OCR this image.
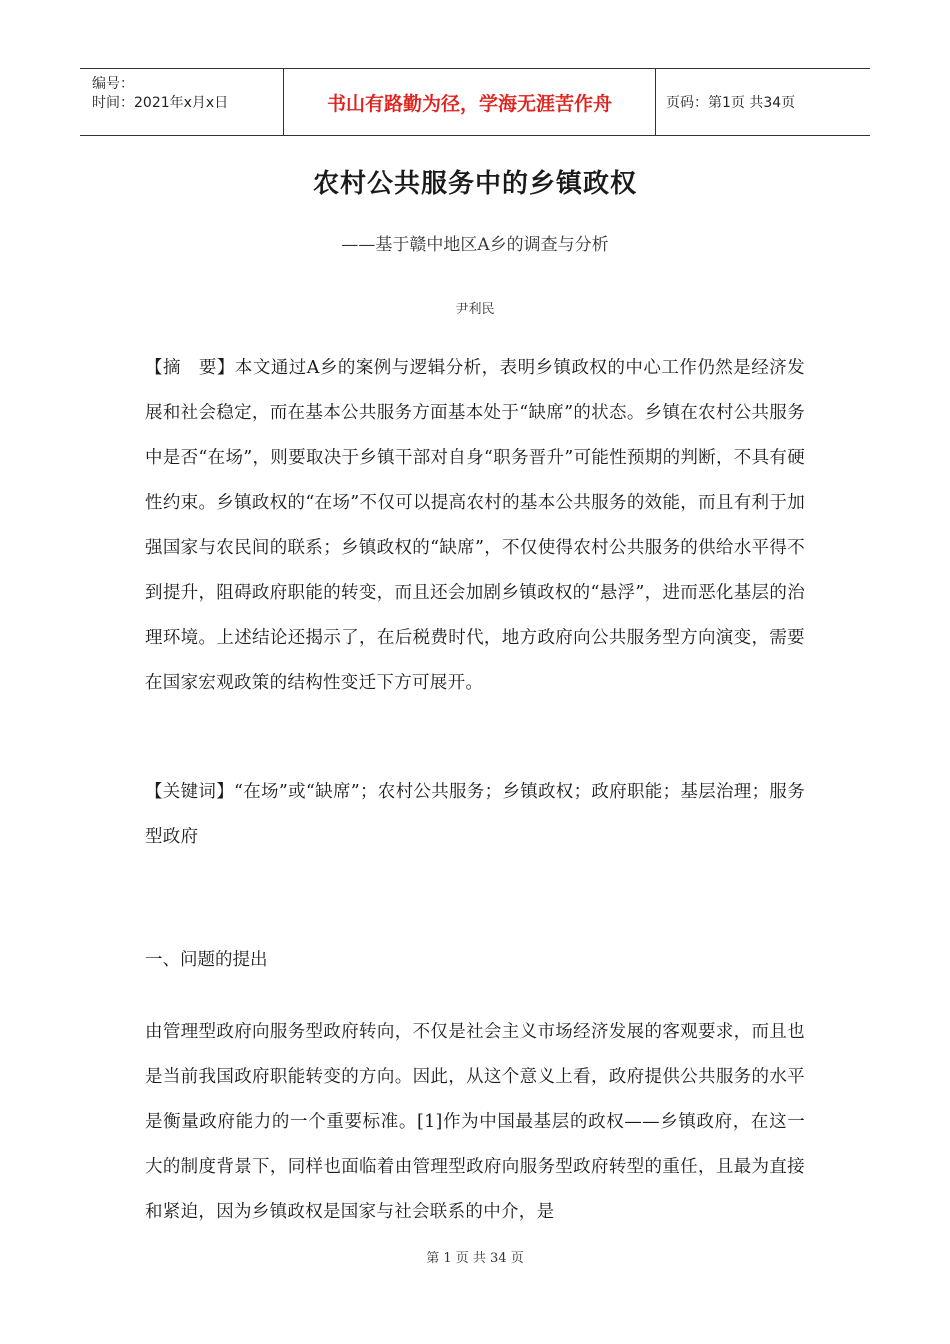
编号：
时间：2021年x月x日	书山有路勤为径，学海无涯苦作舟	页码：第1页 共34页
农村公共服务中的乡镇政权

——基于赣中地区A乡的调查与分析

尹利民

【摘　要】本文通过A乡的案例与逻辑分析，表明乡镇政权的中心工作仍然是经济发展和社会稳定，而在基本公共服务方面基本处于“缺席”的状态。乡镇在农村公共服务中是否“在场”，则要取决于乡镇干部对自身“职务晋升”可能性预期的判断，不具有硬性约束。乡镇政权的“在场”不仅可以提高农村的基本公共服务的效能，而且有利于加强国家与农民间的联系；乡镇政权的“缺席”，不仅使得农村公共服务的供给水平得不到提升，阻碍政府职能的转变，而且还会加剧乡镇政权的“悬浮”，进而恶化基层的治理环境。上述结论还揭示了，在后税费时代，地方政府向公共服务型方向演变，需要在国家宏观政策的结构性变迁下方可展开。

【关键词】“在场”或“缺席”；农村公共服务；乡镇政权；政府职能；基层治理；服务型政府

一、问题的提出

由管理型政府向服务型政府转向，不仅是社会主义市场经济发展的客观要求，而且也是当前我国政府职能转变的方向。因此，从这个意义上看，政府提供公共服务的水平是衡量政府能力的一个重要标准。[1]作为中国最基层的政权——乡镇政府，在这一大的制度背景下，同样也面临着由管理型政府向服务型政府转型的重任，且最为直接和紧迫，因为乡镇政权是国家与社会联系的中介，是

第 1 页 共 34 页
